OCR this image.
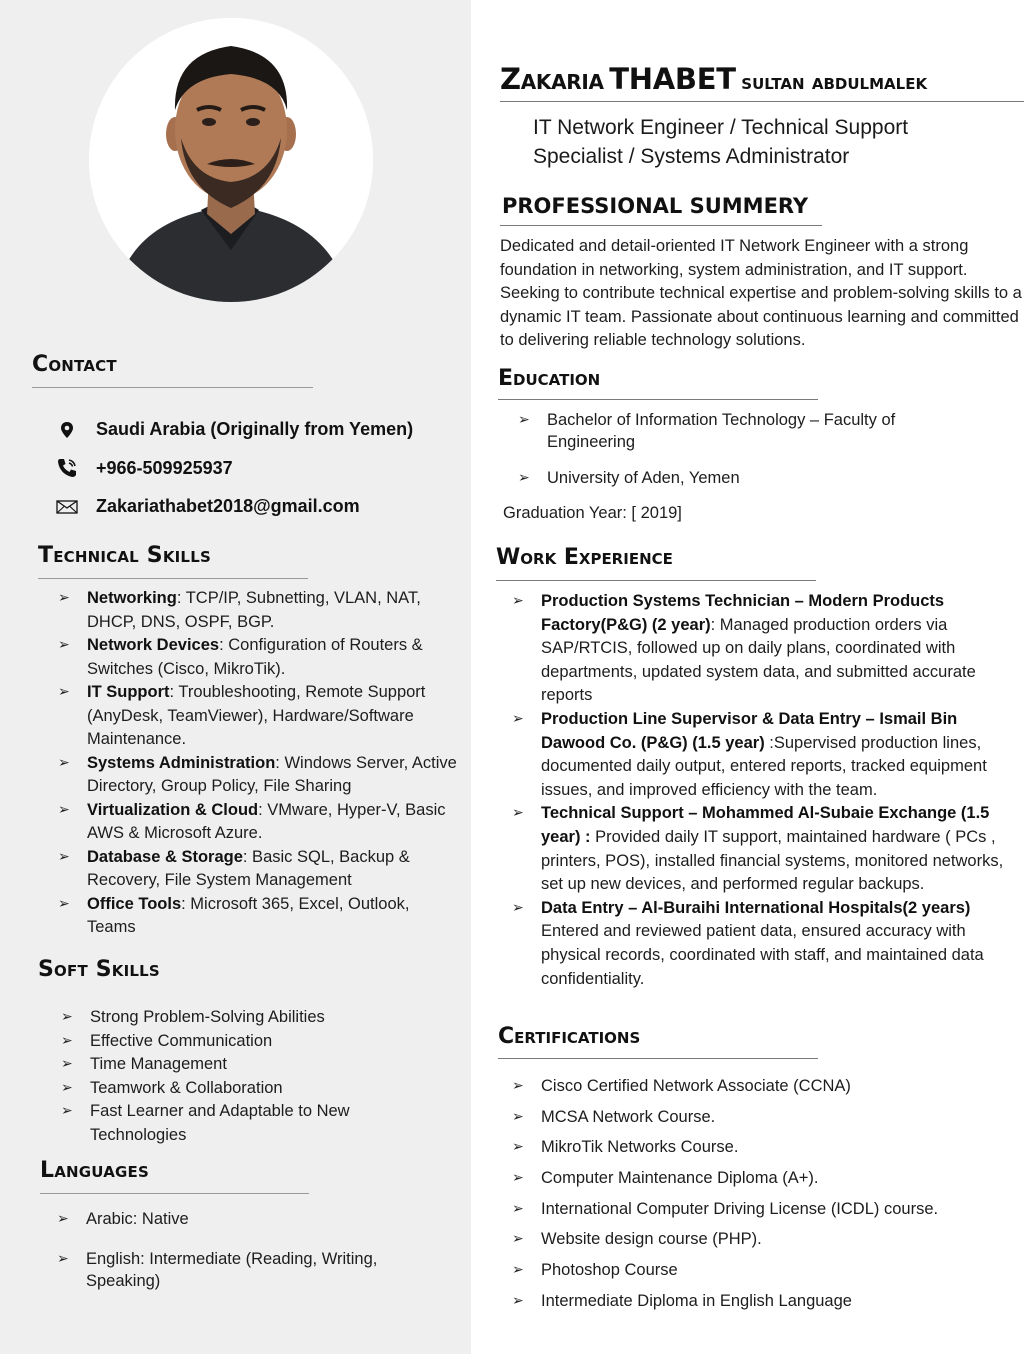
Contact
Saudi Arabia (Originally from Yemen)
+966-509925937
Zakariathabet2018@gmail.com
Technical Skills
➢ Networking: TCP/IP, Subnetting, VLAN, NAT, DHCP, DNS, OSPF, BGP.
➢ Network Devices: Configuration of Routers & Switches (Cisco, MikroTik).
➢ IT Support: Troubleshooting, Remote Support (AnyDesk, TeamViewer), Hardware/Software Maintenance.
➢ Systems Administration: Windows Server, Active Directory, Group Policy, File Sharing
➢ Virtualization & Cloud: VMware, Hyper-V, Basic AWS & Microsoft Azure.
➢ Database & Storage: Basic SQL, Backup & Recovery, File System Management
➢ Office Tools: Microsoft 365, Excel, Outlook, Teams
Soft Skills
➢ Strong Problem-Solving Abilities
➢ Effective Communication
➢ Time Management
➢ Teamwork & Collaboration
➢ Fast Learner and Adaptable to New Technologies
Languages
➢ Arabic: Native
➢ English: Intermediate (Reading, Writing, Speaking)
Zakaria THABET sultan abdulmalek
IT Network Engineer / Technical Support
Specialist / Systems Administrator
PROFESSIONAL SUMMERY
Dedicated and detail-oriented IT Network Engineer with a strong foundation in networking, system administration, and IT support. Seeking to contribute technical expertise and problem-solving skills to a dynamic IT team. Passionate about continuous learning and committed to delivering reliable technology solutions.
Education
➢ Bachelor of Information Technology – Faculty of Engineering
➢ University of Aden, Yemen
Graduation Year: [ 2019]
Work Experience
➢ Production Systems Technician – Modern Products Factory(P&G) (2 year): Managed production orders via SAP/RTCIS, followed up on daily plans, coordinated with departments, updated system data, and submitted accurate reports
➢ Production Line Supervisor & Data Entry – Ismail Bin Dawood Co. (P&G) (1.5 year) :Supervised production lines, documented daily output, entered reports, tracked equipment issues, and improved efficiency with the team.
➢ Technical Support – Mohammed Al-Subaie Exchange (1.5 year) : Provided daily IT support, maintained hardware ( PCs , printers, POS), installed financial systems, monitored networks, set up new devices, and performed regular backups.
➢ Data Entry – Al-Buraihi International Hospitals(2 years) Entered and reviewed patient data, ensured accuracy with physical records, coordinated with staff, and maintained data confidentiality.
Certifications
➢ Cisco Certified Network Associate (CCNA)
➢ MCSA Network Course.
➢ MikroTik Networks Course.
➢ Computer Maintenance Diploma (A+).
➢ International Computer Driving License (ICDL) course.
➢ Website design course (PHP).
➢ Photoshop Course
➢ Intermediate Diploma in English Language
